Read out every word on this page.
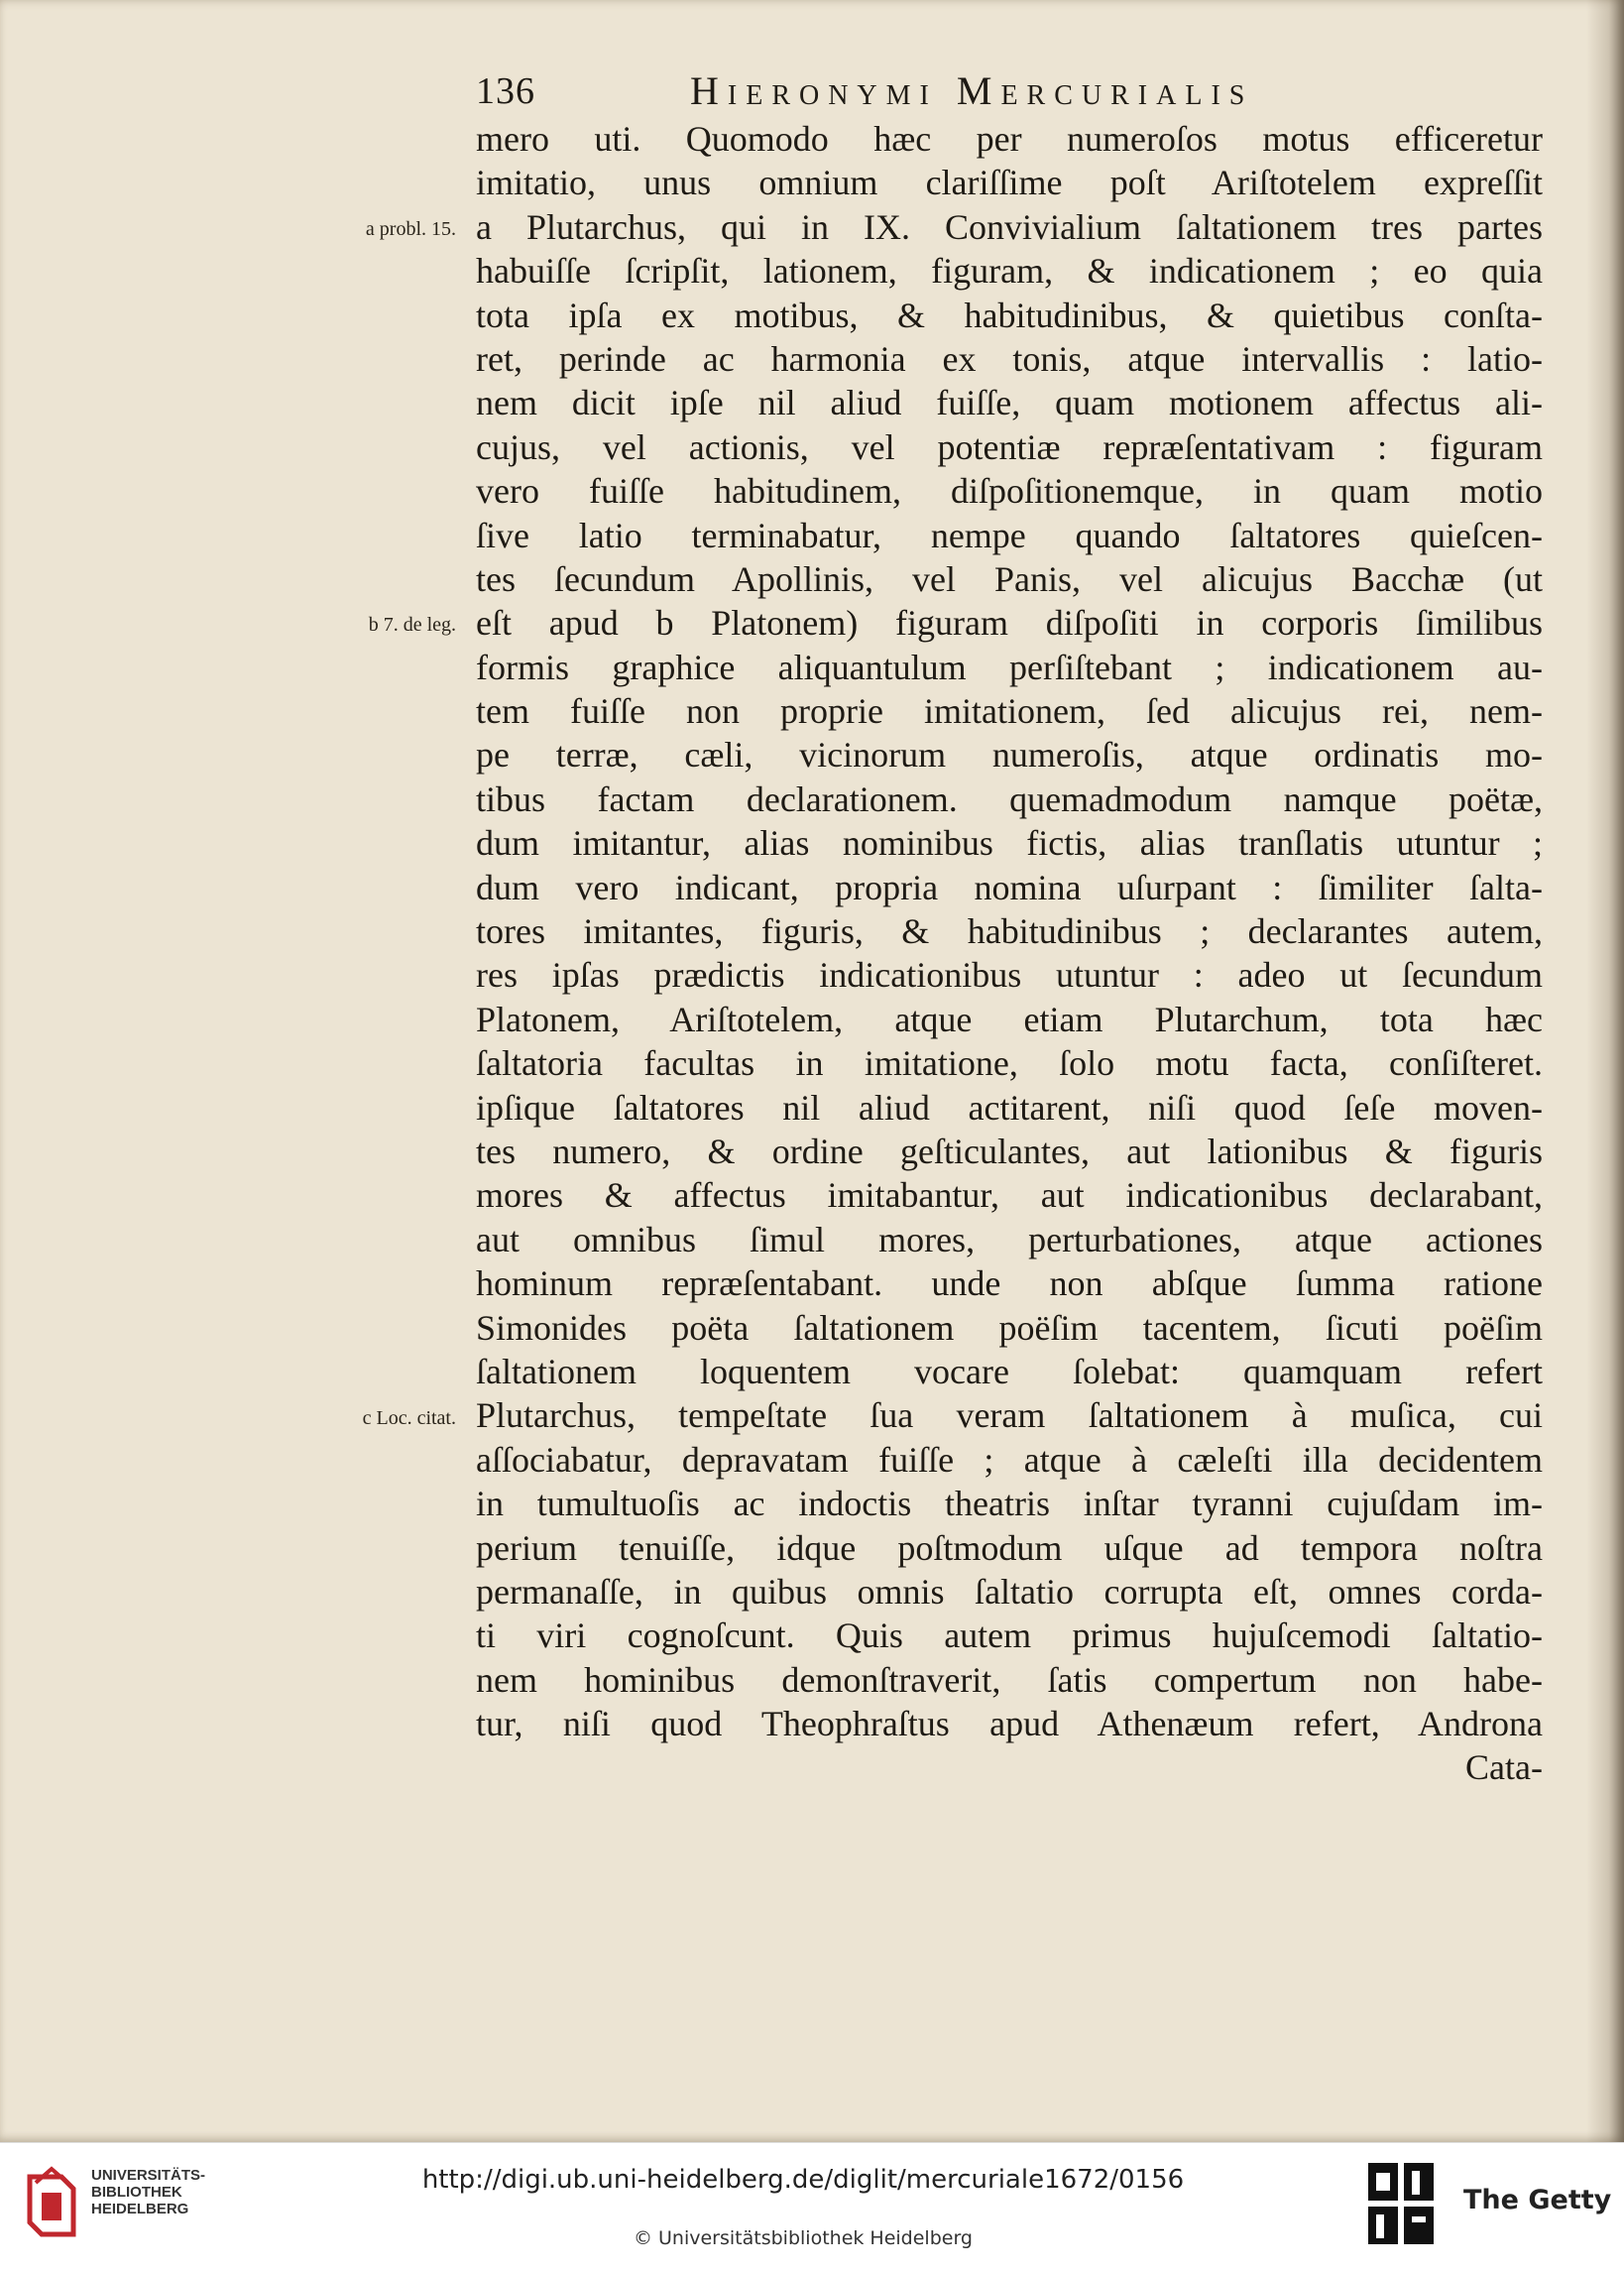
136	Hieronymi Mercurialis
a probl. 15.
b 7. de leg.
c Loc. citat.
mero uti. Quomodo hæc per numeroſos motus efficeretur
imitatio, unus omnium clariſſime poſt Ariſtotelem expreſſit
a Plutarchus, qui in IX. Convivialium ſaltationem tres partes
habuiſſe ſcripſit, lationem, figuram, & indicationem ; eo quia
tota ipſa ex motibus, & habitudinibus, & quietibus conſta-
ret, perinde ac harmonia ex tonis, atque intervallis : latio-
nem dicit ipſe nil aliud fuiſſe, quam motionem affectus ali-
cujus, vel actionis, vel potentiæ repræſentativam : figuram
vero fuiſſe habitudinem, diſpoſitionemque, in quam motio
ſive latio terminabatur, nempe quando ſaltatores quieſcen-
tes ſecundum Apollinis, vel Panis, vel alicujus Bacchæ (ut
eſt apud b Platonem) figuram diſpoſiti in corporis ſimilibus
formis graphice aliquantulum perſiſtebant ; indicationem au-
tem fuiſſe non proprie imitationem, ſed alicujus rei, nem-
pe terræ, cæli, vicinorum numeroſis, atque ordinatis mo-
tibus factam declarationem. quemadmodum namque poëtæ,
dum imitantur, alias nominibus fictis, alias tranſlatis utuntur ;
dum vero indicant, propria nomina uſurpant : ſimiliter ſalta-
tores imitantes, figuris, & habitudinibus ; declarantes autem,
res ipſas prædictis indicationibus utuntur : adeo ut ſecundum
Platonem, Ariſtotelem, atque etiam Plutarchum, tota hæc
ſaltatoria facultas in imitatione, ſolo motu facta, conſiſteret.
ipſique ſaltatores nil aliud actitarent, niſi quod ſeſe moven-
tes numero, & ordine geſticulantes, aut lationibus & figuris
mores & affectus imitabantur, aut indicationibus declarabant,
aut omnibus ſimul mores, perturbationes, atque actiones
hominum repræſentabant. unde non abſque ſumma ratione
Simonides poëta ſaltationem poëſim tacentem, ſicuti poëſim
ſaltationem loquentem vocare ſolebat: quamquam refert
Plutarchus, tempeſtate ſua veram ſaltationem à muſica, cui
aſſociabatur, depravatam fuiſſe ; atque à cæleſti illa decidentem
in tumultuoſis ac indoctis theatris inſtar tyranni cujuſdam im-
perium tenuiſſe, idque poſtmodum uſque ad tempora noſtra
permanaſſe, in quibus omnis ſaltatio corrupta eſt, omnes corda-
ti viri cognoſcunt. Quis autem primus hujuſcemodi ſaltatio-
nem hominibus demonſtraverit, ſatis compertum non habe-
tur, niſi quod Theophraſtus apud Athenæum refert, Androna
Cata-
UNIVERSITÄTS-
BIBLIOTHEK
HEIDELBERG
http://digi.ub.uni-heidelberg.de/diglit/mercuriale1672/0156
© Universitätsbibliothek Heidelberg
The Getty
